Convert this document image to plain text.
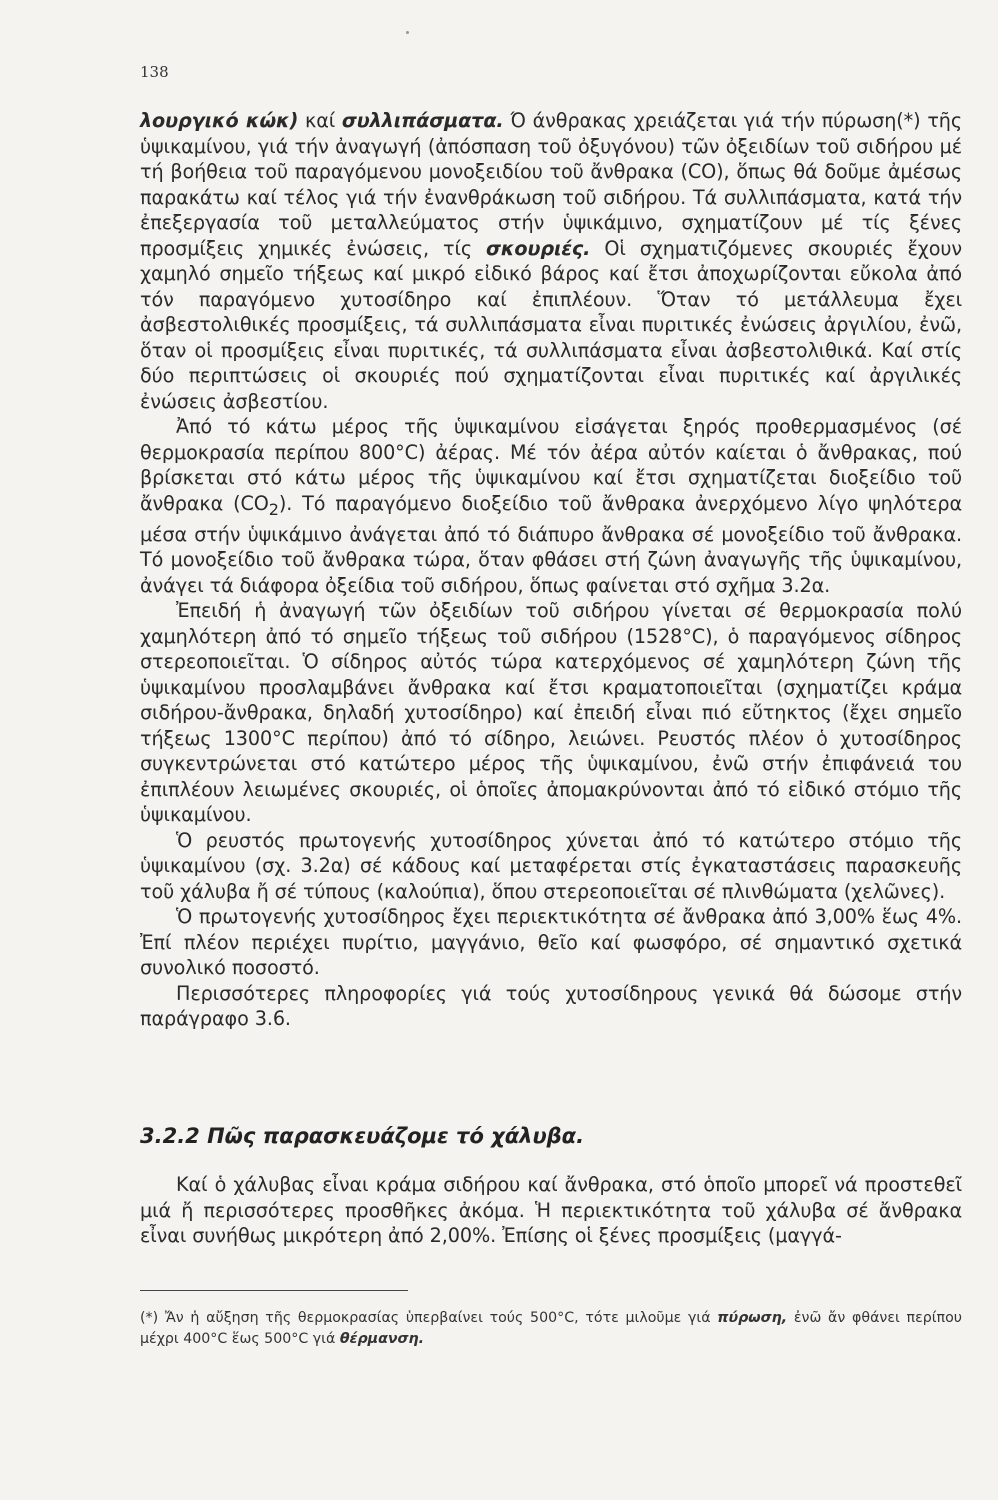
138

λουργικό κώκ) καί συλλιπάσματα. Ό άνθρακας χρειάζεται γιά τήν πύρωση(*) τῆς ὑψικαμίνου, γιά τήν ἀναγωγή (ἀπόσπαση τοῦ ὀξυγόνου) τῶν ὀξειδίων τοῦ σιδήρου μέ τή βοήθεια τοῦ παραγόμενου μονοξειδίου τοῦ ἄνθρακα (CO), ὅπως θά δοῦμε ἀμέσως παρακάτω καί τέλος γιά τήν ἐνανθράκωση τοῦ σιδήρου. Τά συλλιπάσματα, κατά τήν ἐπεξεργασία τοῦ μεταλλεύματος στήν ὑψικάμινο, σχηματίζουν μέ τίς ξένες προσμίξεις χημικές ἐνώσεις, τίς σκουριές. Οἱ σχηματιζόμενες σκουριές ἔχουν χαμηλό σημεῖο τήξεως καί μικρό εἰδικό βάρος καί ἔτσι ἀποχωρίζονται εὔκολα ἀπό τόν παραγόμενο χυτοσίδηρο καί ἐπιπλέουν. Ὅταν τό μετάλλευμα ἔχει ἀσβεστολιθικές προσμίξεις, τά συλλιπάσματα εἶναι πυριτικές ἐνώσεις ἀργιλίου, ἐνῶ, ὅταν οἱ προσμίξεις εἶναι πυριτικές, τά συλλιπάσματα εἶναι ἀσβεστολιθικά. Καί στίς δύο περιπτώσεις οἱ σκουριές πού σχηματίζονται εἶναι πυριτικές καί ἀργιλικές ἐνώσεις ἀσβεστίου.

Ἀπό τό κάτω μέρος τῆς ὑψικαμίνου εἰσάγεται ξηρός προθερμασμένος (σέ θερμοκρασία περίπου 800°C) ἀέρας. Μέ τόν ἀέρα αὐτόν καίεται ὁ ἄνθρακας, πού βρίσκεται στό κάτω μέρος τῆς ὑψικαμίνου καί ἔτσι σχηματίζεται διοξείδιο τοῦ ἄνθρακα $(CO_2)$. Τό παραγόμενο διοξείδιο τοῦ ἄνθρακα ἀνερχόμενο λίγο ψηλότερα μέσα στήν ὑψικάμινο ἀνάγεται ἀπό τό διάπυρο ἄνθρακα σέ μονοξείδιο τοῦ ἄνθρακα. Τό μονοξείδιο τοῦ ἄνθρακα τώρα, ὅταν φθάσει στή ζώνη ἀναγωγῆς τῆς ὑψικαμίνου, ἀνάγει τά διάφορα ὀξείδια τοῦ σιδήρου, ὅπως φαίνεται στό σχῆμα 3.2α.

Ἐπειδή ἡ ἀναγωγή τῶν ὀξειδίων τοῦ σιδήρου γίνεται σέ θερμοκρασία πολύ χαμηλότερη ἀπό τό σημεῖο τήξεως τοῦ σιδήρου (1528°C), ὁ παραγόμενος σίδηρος στερεοποιεῖται. Ὁ σίδηρος αὐτός τώρα κατερχόμενος σέ χαμηλότερη ζώνη τῆς ὑψικαμίνου προσλαμβάνει ἄνθρακα καί ἔτσι κραματοποιεῖται (σχηματίζει κράμα σιδήρου-ἄνθρακα, δηλαδή χυτοσίδηρο) καί ἐπειδή εἶναι πιό εὔτηκτος (ἔχει σημεῖο τήξεως 1300°C περίπου) ἀπό τό σίδηρο, λειώνει. Ρευστός πλέον ὁ χυτοσίδηρος συγκεντρώνεται στό κατώτερο μέρος τῆς ὑψικαμίνου, ἐνῶ στήν ἐπιφάνειά του ἐπιπλέουν λειωμένες σκουριές, οἱ ὁποῖες ἀπομακρύνονται ἀπό τό εἰδικό στόμιο τῆς ὑψικαμίνου.

Ὁ ρευστός πρωτογενής χυτοσίδηρος χύνεται ἀπό τό κατώτερο στόμιο τῆς ὑψικαμίνου (σχ. 3.2α) σέ κάδους καί μεταφέρεται στίς ἐγκαταστάσεις παρασκευῆς τοῦ χάλυβα ἤ σέ τύπους (καλούπια), ὅπου στερεοποιεῖται σέ πλινθώματα (χελῶνες).

Ὁ πρωτογενής χυτοσίδηρος ἔχει περιεκτικότητα σέ ἄνθρακα ἀπό 3,00% ἕως 4%. Ἐπί πλέον περιέχει πυρίτιο, μαγγάνιο, θεῖο καί φωσφόρο, σέ σημαντικό σχετικά συνολικό ποσοστό.

Περισσότερες πληροφορίες γιά τούς χυτοσίδηρους γενικά θά δώσομε στήν παράγραφο 3.6.

3.2.2 Πῶς παρασκευάζομε τό χάλυβα.

Καί ὁ χάλυβας εἶναι κράμα σιδήρου καί ἄνθρακα, στό ὁποῖο μπορεῖ νά προστεθεῖ μιά ἤ περισσότερες προσθῆκες ἀκόμα. Ἡ περιεκτικότητα τοῦ χάλυβα σέ ἄνθρακα εἶναι συνήθως μικρότερη ἀπό 2,00%. Ἐπίσης οἱ ξένες προσμίξεις (μαγγά-

(*) Ἄν ἡ αὔξηση τῆς θερμοκρασίας ὑπερβαίνει τούς 500°C, τότε μιλοῦμε γιά πύρωση, ἐνῶ ἄν φθάνει περίπου μέχρι 400°C ἕως 500°C γιά θέρμανση.
